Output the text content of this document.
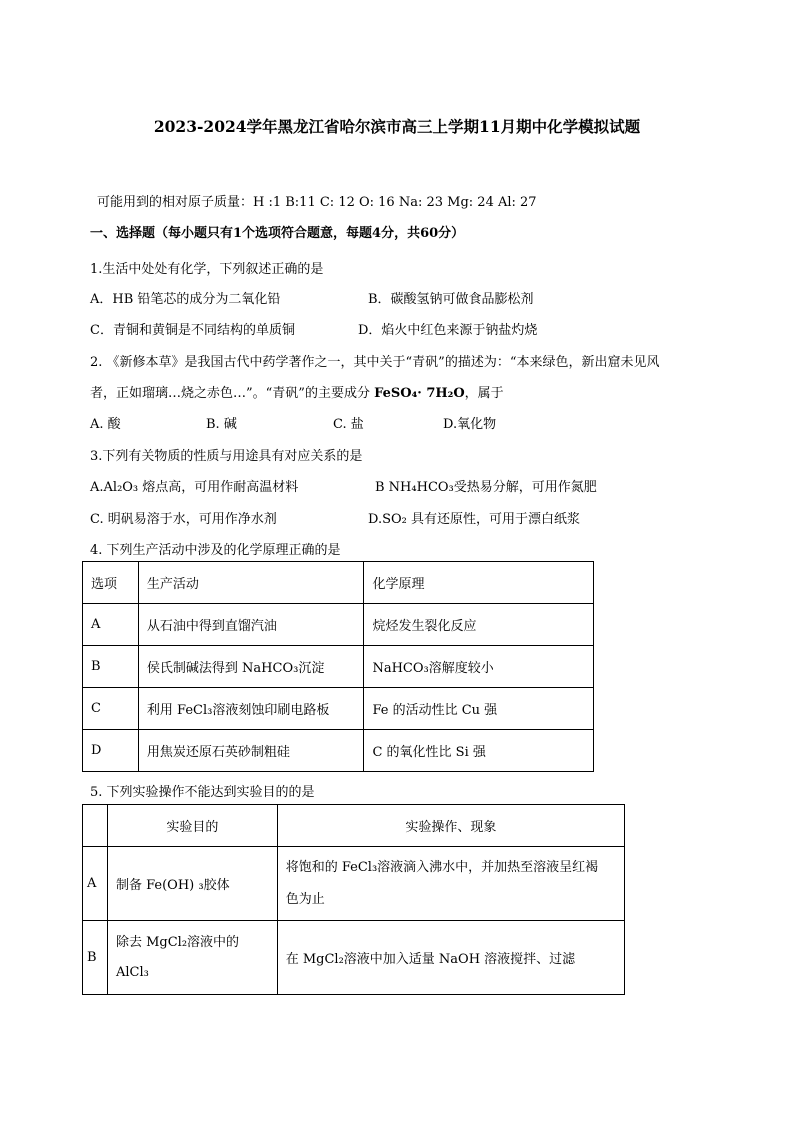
2023-2024学年黑龙江省哈尔滨市高三上学期11月期中化学模拟试题
可能用到的相对原子质量：H :1 B:11 C: 12 O: 16 Na: 23 Mg: 24 Al: 27
一、选择题（每小题只有1个选项符合题意，每题4分，共60分）
1.生活中处处有化学，下列叙述正确的是
A．HB 铅笔芯的成分为二氧化铅	B．碳酸氢钠可做食品膨松剂
C．青铜和黄铜是不同结构的单质铜	D．焰火中红色来源于钠盐灼烧
2. 《新修本草》是我国古代中药学著作之一，其中关于“青矾”的描述为：“本来绿色，新出窟未见风
者，正如瑠璃…烧之赤色…”。“青矾”的主要成分 FeSO₄· 7H₂O，属于
A. 酸	B. 碱	C. 盐	D.氧化物
3.下列有关物质的性质与用途具有对应关系的是
A.Al₂O₃ 熔点高，可用作耐高温材料	B NH₄HCO₃受热易分解，可用作氮肥
C. 明矾易溶于水，可用作净水剂	D.SO₂ 具有还原性，可用于漂白纸浆
4. 下列生产活动中涉及的化学原理正确的是
选项	生产活动	化学原理
A	从石油中得到直馏汽油	烷烃发生裂化反应
B	侯氏制碱法得到 NaHCO₃沉淀	NaHCO₃溶解度较小
C	利用 FeCl₃溶液刻蚀印刷电路板	Fe 的活动性比 Cu 强
D	用焦炭还原石英砂制粗硅	C 的氧化性比 Si 强
5. 下列实验操作不能达到实验目的的是
	实验目的	实验操作、现象
A	制备 Fe(OH) ₃胶体	将饱和的 FeCl₃溶液滴入沸水中，并加热至溶液呈红褐
色为止

B	除去 MgCl₂溶液中的
AlCl₃	在 MgCl₂溶液中加入适量 NaOH 溶液搅拌、过滤
